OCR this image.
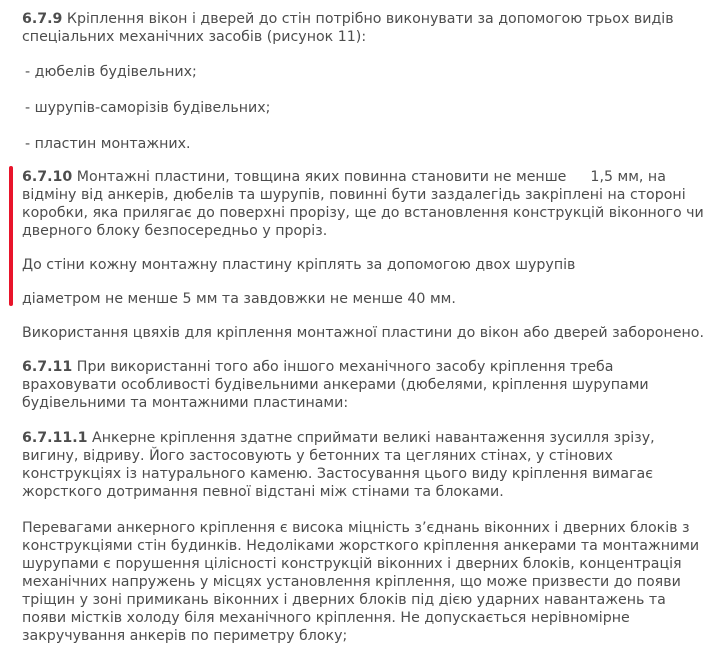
6.7.9 Кріплення вікон і дверей до стін потрібно виконувати за допомогою трьох видів спеціальних механічних засобів (рисунок 11):

- дюбелів будівельних;

- шурупів-саморізів будівельних;

- пластин монтажних.

6.7.10 Монтажні пластини, товщина яких повинна становити не менше 1,5 мм, на відміну від анкерів, дюбелів та шурупів, повинні бути заздалегідь закріплені на стороні коробки, яка прилягає до поверхні прорізу, ще до встановлення конструкцій віконного чи дверного блоку безпосередньо у проріз.

До стіни кожну монтажну пластину кріплять за допомогою двох шурупів

діаметром не менше 5 мм та завдовжки не менше 40 мм.

Використання цвяхів для кріплення монтажної пластини до вікон або дверей заборонено.

6.7.11 При використанні того або іншого механічного засобу кріплення треба враховувати особливості будівельними анкерами (дюбелями, кріплення шурупами будівельними та монтажними пластинами:

6.7.11.1 Анкерне кріплення здатне сприймати великі навантаження зусилля зрізу, вигину, відриву. Його застосовують у бетонних та цегляних стінах, у стінових конструкціях із натурального каменю. Застосування цього виду кріплення вимагає жорсткого дотримання певної відстані між стінами та блоками.

Перевагами анкерного кріплення є висока міцність з’єднань віконних і дверних блоків з конструкціями стін будинків. Недоліками жорсткого кріплення анкерами та монтажними шурупами є порушення цілісності конструкцій віконних і дверних блоків, концентрація механічних напружень у місцях установлення кріплення, що може призвести до появи тріщин у зоні примикань віконних і дверних блоків під дією ударних навантажень та появи містків холоду біля механічного кріплення. Не допускається нерівномірне закручування анкерів по периметру блоку;
